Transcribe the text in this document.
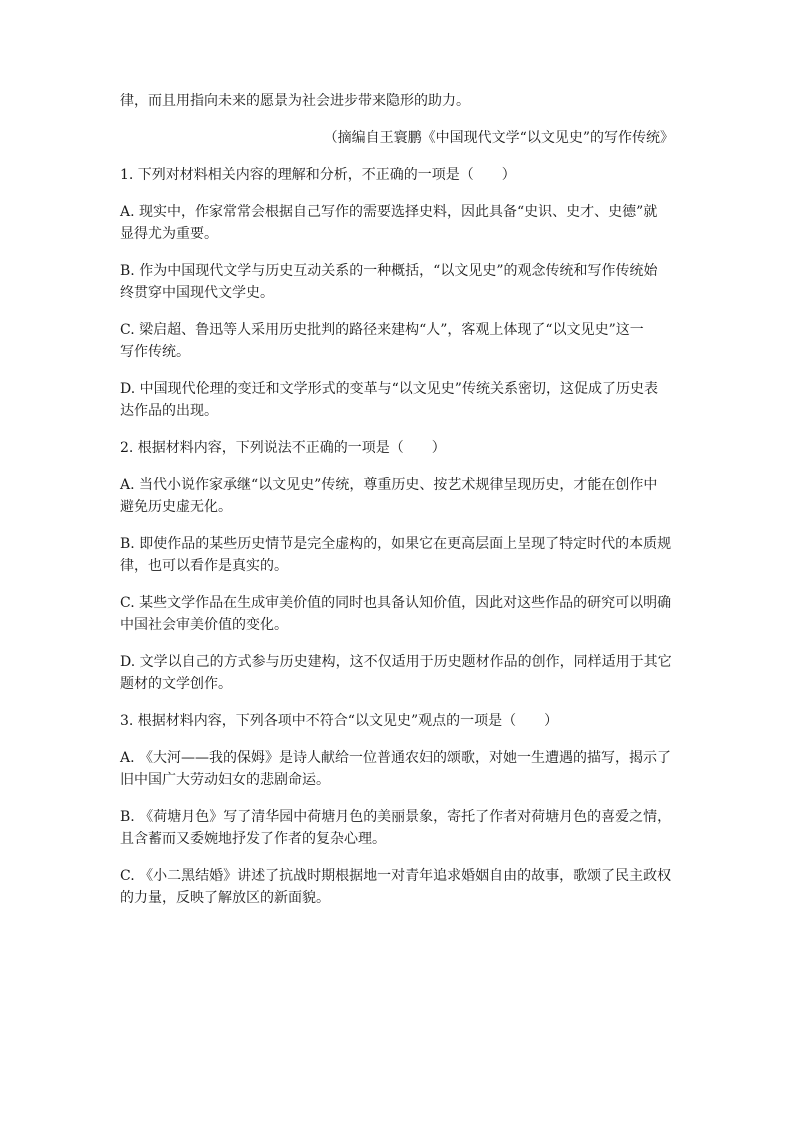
律，而且用指向未来的愿景为社会进步带来隐形的助力。

（摘编自王寰鹏《中国现代文学“以文见史”的写作传统》

1. 下列对材料相关内容的理解和分析，不正确的一项是（　　）

A. 现实中，作家常常会根据自己写作的需要选择史料，因此具备“史识、史才、史德”就

显得尤为重要。

B. 作为中国现代文学与历史互动关系的一种概括，“以文见史”的观念传统和写作传统始

终贯穿中国现代文学史。

C. 梁启超、鲁迅等人采用历史批判的路径来建构“人”，客观上体现了“以文见史”这一

写作传统。

D. 中国现代伦理的变迁和文学形式的变革与“以文见史”传统关系密切，这促成了历史表

达作品的出现。

2. 根据材料内容，下列说法不正确的一项是（　　）

A. 当代小说作家承继“以文见史”传统，尊重历史、按艺术规律呈现历史，才能在创作中

避免历史虚无化。

B. 即使作品的某些历史情节是完全虚构的，如果它在更高层面上呈现了特定时代的本质规

律，也可以看作是真实的。

C. 某些文学作品在生成审美价值的同时也具备认知价值，因此对这些作品的研究可以明确

中国社会审美价值的变化。

D. 文学以自己的方式参与历史建构，这不仅适用于历史题材作品的创作，同样适用于其它

题材的文学创作。

3. 根据材料内容，下列各项中不符合“以文见史”观点的一项是（　　）

A. 《大河——我的保姆》是诗人献给一位普通农妇的颂歌，对她一生遭遇的描写，揭示了

旧中国广大劳动妇女的悲剧命运。

B. 《荷塘月色》写了清华园中荷塘月色的美丽景象，寄托了作者对荷塘月色的喜爱之情，

且含蓄而又委婉地抒发了作者的复杂心理。

C. 《小二黑结婚》讲述了抗战时期根据地一对青年追求婚姻自由的故事，歌颂了民主政权

的力量，反映了解放区的新面貌。
